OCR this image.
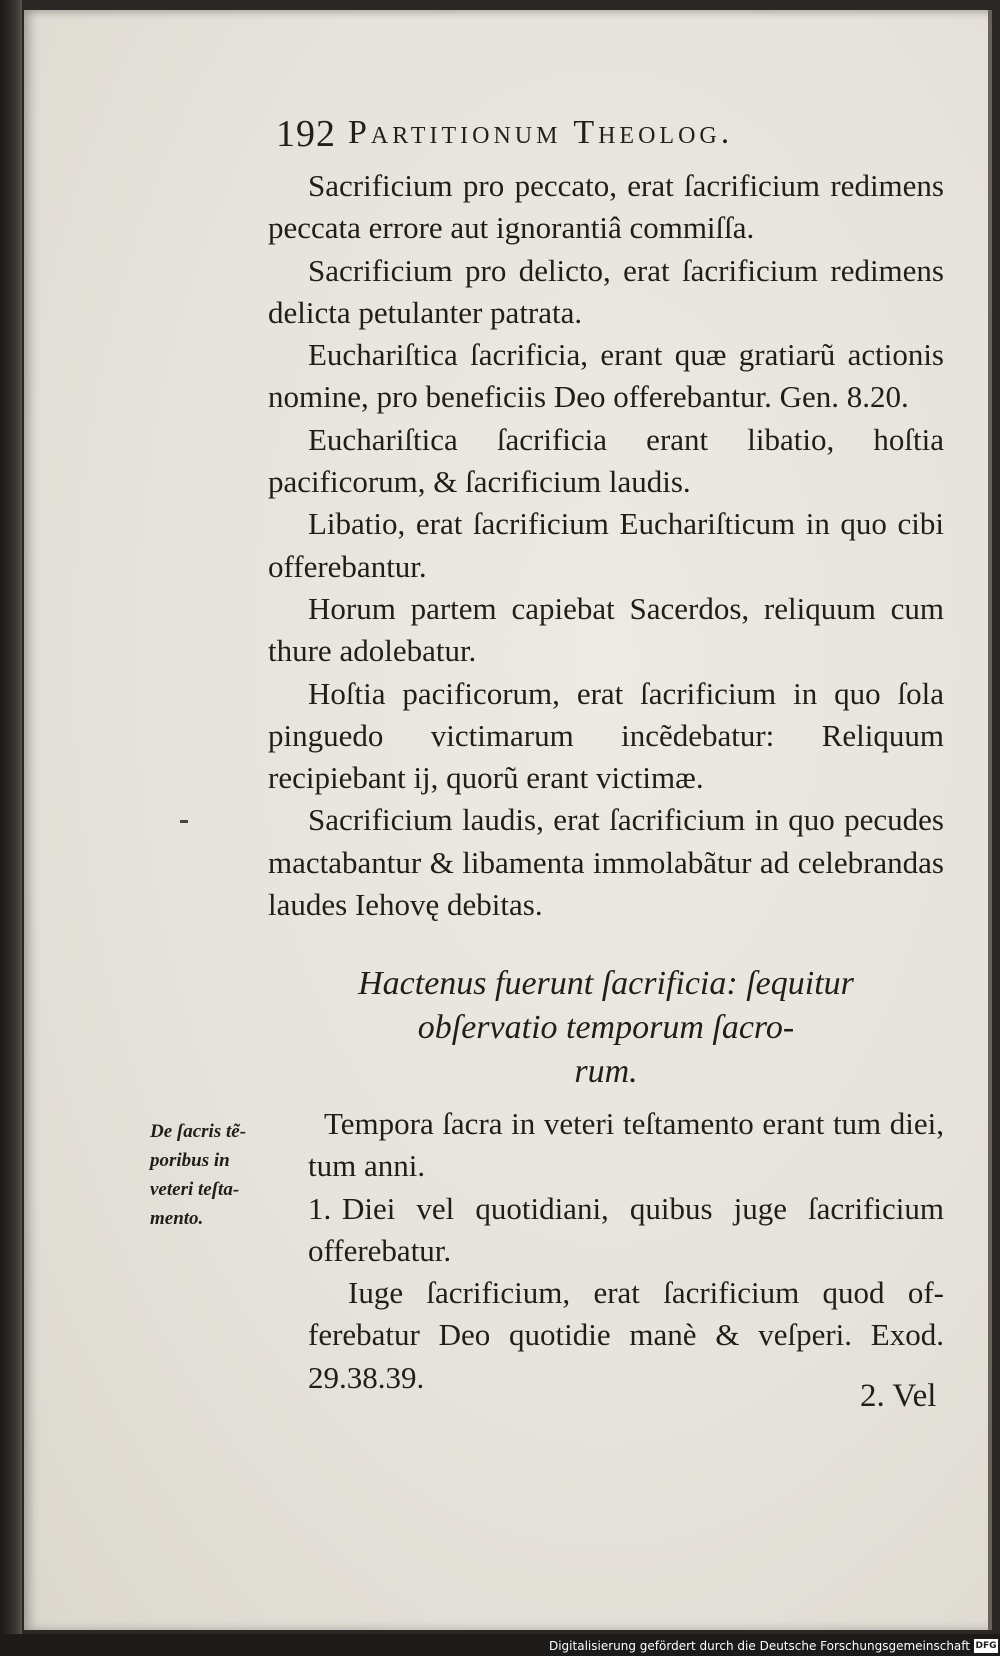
192 Partitionum Theolog.

Sacrificium pro peccato, erat ſacrificium redimens peccata errore aut ignorantiâ commiſſa.

Sacrificium pro delicto, erat ſacrificium redimens delicta petulanter patrata.

Euchariſtica ſacrificia, erant quæ gratiarũ actionis nomine, pro beneficiis Deo offerebantur. Gen. 8.20.

Euchariſtica ſacrificia erant libatio, hoſtia pacificorum, & ſacrificium laudis.

Libatio, erat ſacrificium Euchariſticum in quo cibi offerebantur.

Horum partem capiebat Sacerdos, reliquum cum thure adolebatur.

Hoſtia pacificorum, erat ſacrificium in quo ſola pinguedo victimarum incẽdebatur: Reliquum recipiebant ij, quorũ erant victimæ.

Sacrificium laudis, erat ſacrificium in quo pecudes mactabantur & libamenta immolabãtur ad celebrandas laudes Iehovę debitas.

Hactenus fuerunt ſacrificia: ſequitur
obſervatio temporum ſacro-
rum.
De ſacris tẽ-
poribus in
veteri teſta-
mento.

Tempora ſacra in veteri teſtamento erant tum diei, tum anni.

1. Diei vel quotidiani, quibus juge ſacrificium offerebatur.

Iuge ſacrificium, erat ſacrificium quod offerebatur Deo quotidie manè & veſperi. Exod. 29.38.39.

2. Vel
Digitalisierung gefördert durch die Deutsche Forschungsgemeinschaft DFG
